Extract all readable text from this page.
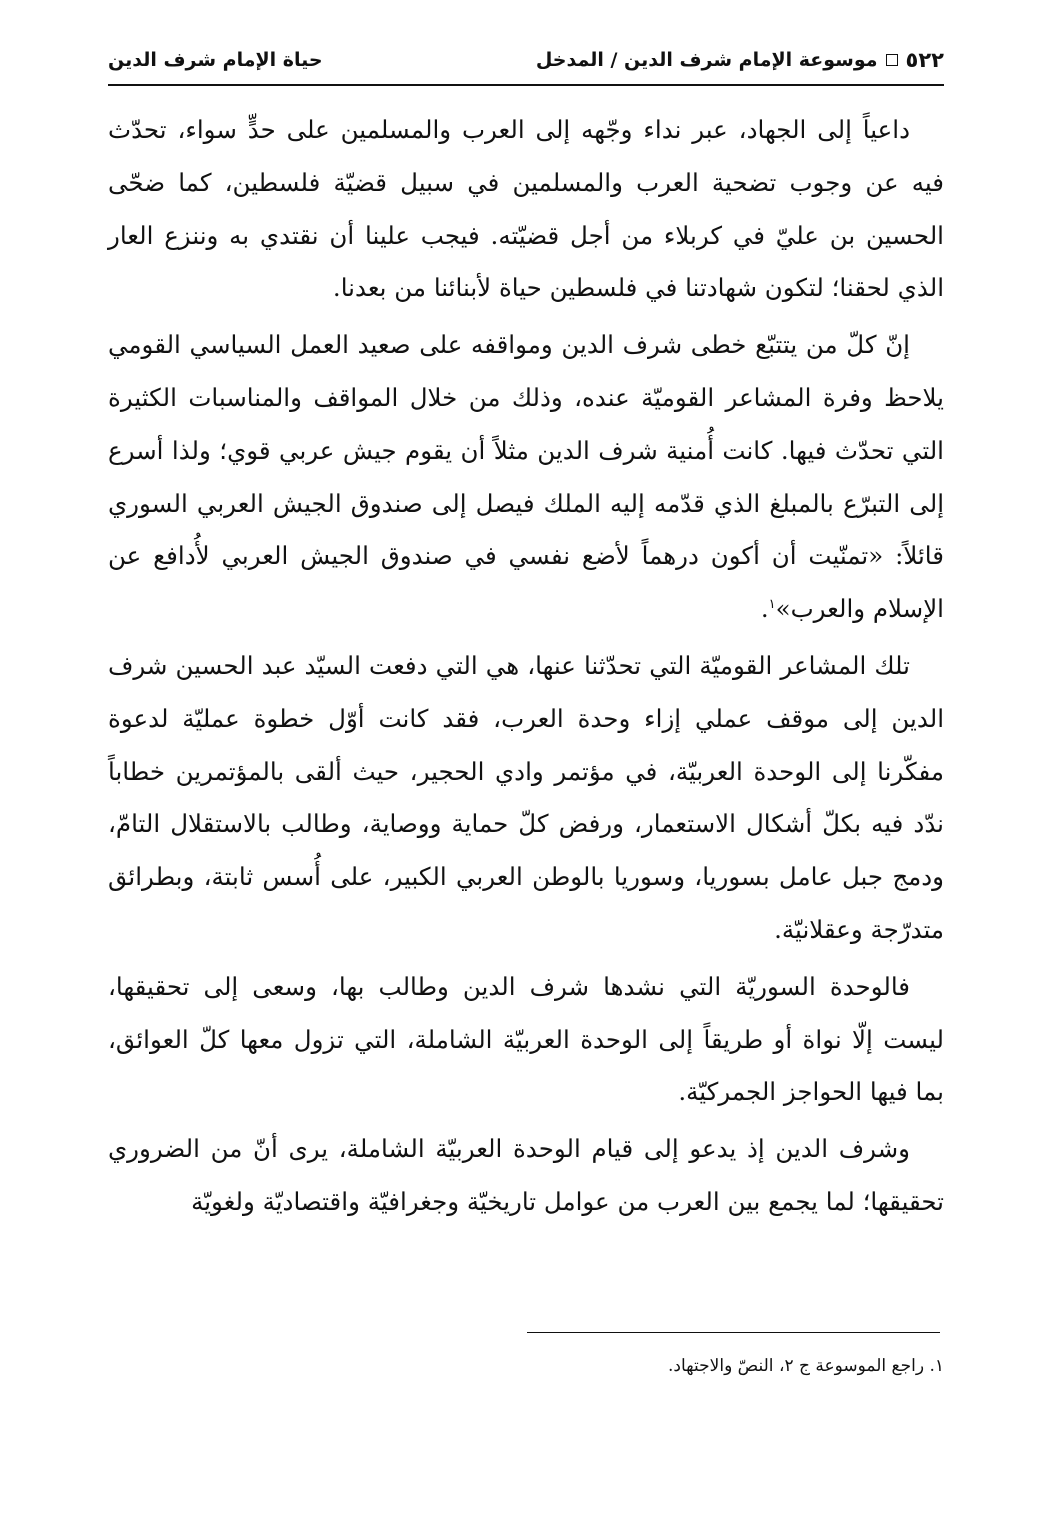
٥٢٢
موسوعة الإمام شرف الدين / المدخل
حياة الإمام شرف الدين

داعياً إلى الجهاد، عبر نداء وجّهه إلى العرب والمسلمين على حدٍّ سواء، تحدّث فيه عن وجوب تضحية العرب والمسلمين في سبيل قضيّة فلسطين، كما ضحّى الحسين بن عليّ في كربلاء من أجل قضيّته. فيجب علينا أن نقتدي به وننزع العار الذي لحقنا؛ لتكون شهادتنا في فلسطين حياة لأبنائنا من بعدنا.

إنّ كلّ من يتتبّع خطى شرف الدين ومواقفه على صعيد العمل السياسي القومي يلاحظ وفرة المشاعر القوميّة عنده، وذلك من خلال المواقف والمناسبات الكثيرة التي تحدّث فيها. كانت أُمنية شرف الدين مثلاً أن يقوم جيش عربي قوي؛ ولذا أسرع إلى التبرّع بالمبلغ الذي قدّمه إليه الملك فيصل إلى صندوق الجيش العربي السوري قائلاً: «تمنّيت أن أكون درهماً لأضع نفسي في صندوق الجيش العربي لأُدافع عن الإسلام والعرب»$^١$.

تلك المشاعر القوميّة التي تحدّثنا عنها، هي التي دفعت السيّد عبد الحسين شرف الدين إلى موقف عملي إزاء وحدة العرب، فقد كانت أوّل خطوة عمليّة لدعوة مفكّرنا إلى الوحدة العربيّة، في مؤتمر وادي الحجير، حيث ألقى بالمؤتمرين خطاباً ندّد فيه بكلّ أشكال الاستعمار، ورفض كلّ حماية ووصاية، وطالب بالاستقلال التامّ، ودمج جبل عامل بسوريا، وسوريا بالوطن العربي الكبير، على أُسس ثابتة، وبطرائق متدرّجة وعقلانيّة.

فالوحدة السوريّة التي نشدها شرف الدين وطالب بها، وسعى إلى تحقيقها، ليست إلّا نواة أو طريقاً إلى الوحدة العربيّة الشاملة، التي تزول معها كلّ العوائق، بما فيها الحواجز الجمركيّة.

وشرف الدين إذ يدعو إلى قيام الوحدة العربيّة الشاملة، يرى أنّ من الضروري تحقيقها؛ لما يجمع بين العرب من عوامل تاريخيّة وجغرافيّة واقتصاديّة ولغويّة

١. راجع الموسوعة ج ٢، النصّ والاجتهاد.
